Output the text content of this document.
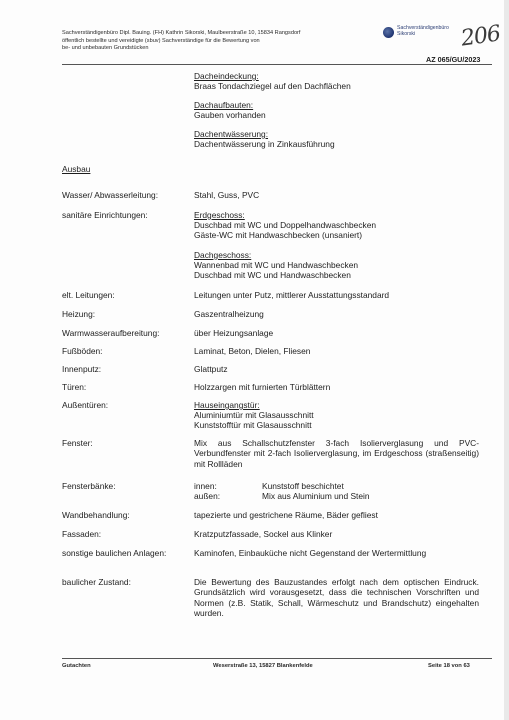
Sachverständigenbüro Dipl. Bauing. (FH) Kathrin Sikorski, Maulbeerstraße 10, 15834 Rangsdorf
öffentlich bestellte und vereidigte (sbuv) Sachverständige für die Bewertung von
be- und unbebauten Grundstücken
Sachverständigenbüro
Sikorski	206
AZ 065/GU/2023
Dacheindeckung:
Braas Tondachziegel auf den Dachflächen
Dachaufbauten:
Gauben vorhanden
Dachentwässerung:
Dachentwässerung in Zinkausführung
Ausbau
Wasser/ Abwasserleitung:	Stahl, Guss, PVC
sanitäre Einrichtungen:	Erdgeschoss:
Duschbad mit WC und Doppelhandwaschbecken
Gäste-WC mit Handwaschbecken (unsaniert)
Dachgeschoss:
Wannenbad mit WC und Handwaschbecken
Duschbad mit WC und Handwaschbecken
elt. Leitungen:	Leitungen unter Putz, mittlerer Ausstattungsstandard
Heizung:	Gaszentralheizung
Warmwasseraufbereitung:	über Heizungsanlage
Fußböden:	Laminat, Beton, Dielen, Fliesen
Innenputz:	Glattputz
Türen:	Holzzargen mit furnierten Türblättern
Außentüren:	Hauseingangstür:
Aluminiumtür mit Glasausschnitt
Kunststofftür mit Glasausschnitt
Fenster:	Mix aus Schallschutzfenster 3-fach Isolierverglasung und PVC-Verbundfenster mit 2-fach Isolierverglasung, im Erdgeschoss (straßenseitig) mit Rollläden
Fensterbänke:	innen:	Kunststoff beschichtet
außen:	Mix aus Aluminium und Stein
Wandbehandlung:	tapezierte und gestrichene Räume, Bäder gefliest
Fassaden:	Kratzputzfassade, Sockel aus Klinker
sonstige baulichen Anlagen:	Kaminofen, Einbauküche nicht Gegenstand der Wertermittlung
baulicher Zustand:	Die Bewertung des Bauzustandes erfolgt nach dem optischen Eindruck. Grundsätzlich wird vorausgesetzt, dass die technischen Vorschriften und Normen (z.B. Statik, Schall, Wärmeschutz und Brandschutz) eingehalten wurden.
Gutachten	Weserstraße 13, 15827 Blankenfelde	Seite 18 von 63
